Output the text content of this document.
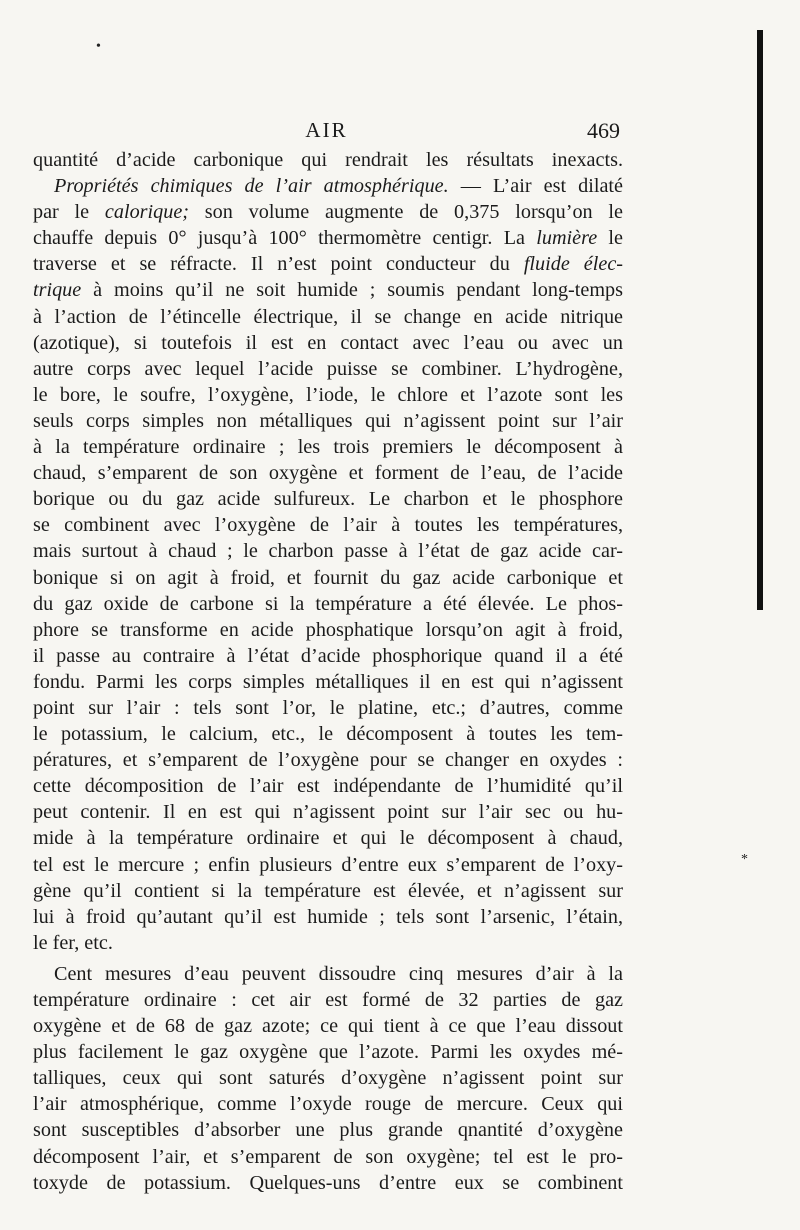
•
*
AIR	469
quantité d’acide carbonique qui rendrait les résultats inexacts.
Propriétés chimiques de l’air atmosphérique. — L’air est dilaté
par le calorique; son volume augmente de 0,375 lorsqu’on le
chauffe depuis 0° jusqu’à 100° thermomètre centigr. La lumière le
traverse et se réfracte. Il n’est point conducteur du fluide élec-
trique à moins qu’il ne soit humide ; soumis pendant long-temps
à l’action de l’étincelle électrique, il se change en acide nitrique
(azotique), si toutefois il est en contact avec l’eau ou avec un
autre corps avec lequel l’acide puisse se combiner. L’hydrogène,
le bore, le soufre, l’oxygène, l’iode, le chlore et l’azote sont les
seuls corps simples non métalliques qui n’agissent point sur l’air
à la température ordinaire ; les trois premiers le décomposent à
chaud, s’emparent de son oxygène et forment de l’eau, de l’acide
borique ou du gaz acide sulfureux. Le charbon et le phosphore
se combinent avec l’oxygène de l’air à toutes les températures,
mais surtout à chaud ; le charbon passe à l’état de gaz acide car-
bonique si on agit à froid, et fournit du gaz acide carbonique et
du gaz oxide de carbone si la température a été élevée. Le phos-
phore se transforme en acide phosphatique lorsqu’on agit à froid,
il passe au contraire à l’état d’acide phosphorique quand il a été
fondu. Parmi les corps simples métalliques il en est qui n’agissent
point sur l’air : tels sont l’or, le platine, etc.; d’autres, comme
le potassium, le calcium, etc., le décomposent à toutes les tem-
pératures, et s’emparent de l’oxygène pour se changer en oxydes :
cette décomposition de l’air est indépendante de l’humidité qu’il
peut contenir. Il en est qui n’agissent point sur l’air sec ou hu-
mide à la température ordinaire et qui le décomposent à chaud,
tel est le mercure ; enfin plusieurs d’entre eux s’emparent de l’oxy-
gène qu’il contient si la température est élevée, et n’agissent sur
lui à froid qu’autant qu’il est humide ; tels sont l’arsenic, l’étain,
le fer, etc.
Cent mesures d’eau peuvent dissoudre cinq mesures d’air à la
température ordinaire : cet air est formé de 32 parties de gaz
oxygène et de 68 de gaz azote; ce qui tient à ce que l’eau dissout
plus facilement le gaz oxygène que l’azote. Parmi les oxydes mé-
talliques, ceux qui sont saturés d’oxygène n’agissent point sur
l’air atmosphérique, comme l’oxyde rouge de mercure. Ceux qui
sont susceptibles d’absorber une plus grande qnantité d’oxygène
décomposent l’air, et s’emparent de son oxygène; tel est le pro-
toxyde de potassium. Quelques-uns d’entre eux se combinent
